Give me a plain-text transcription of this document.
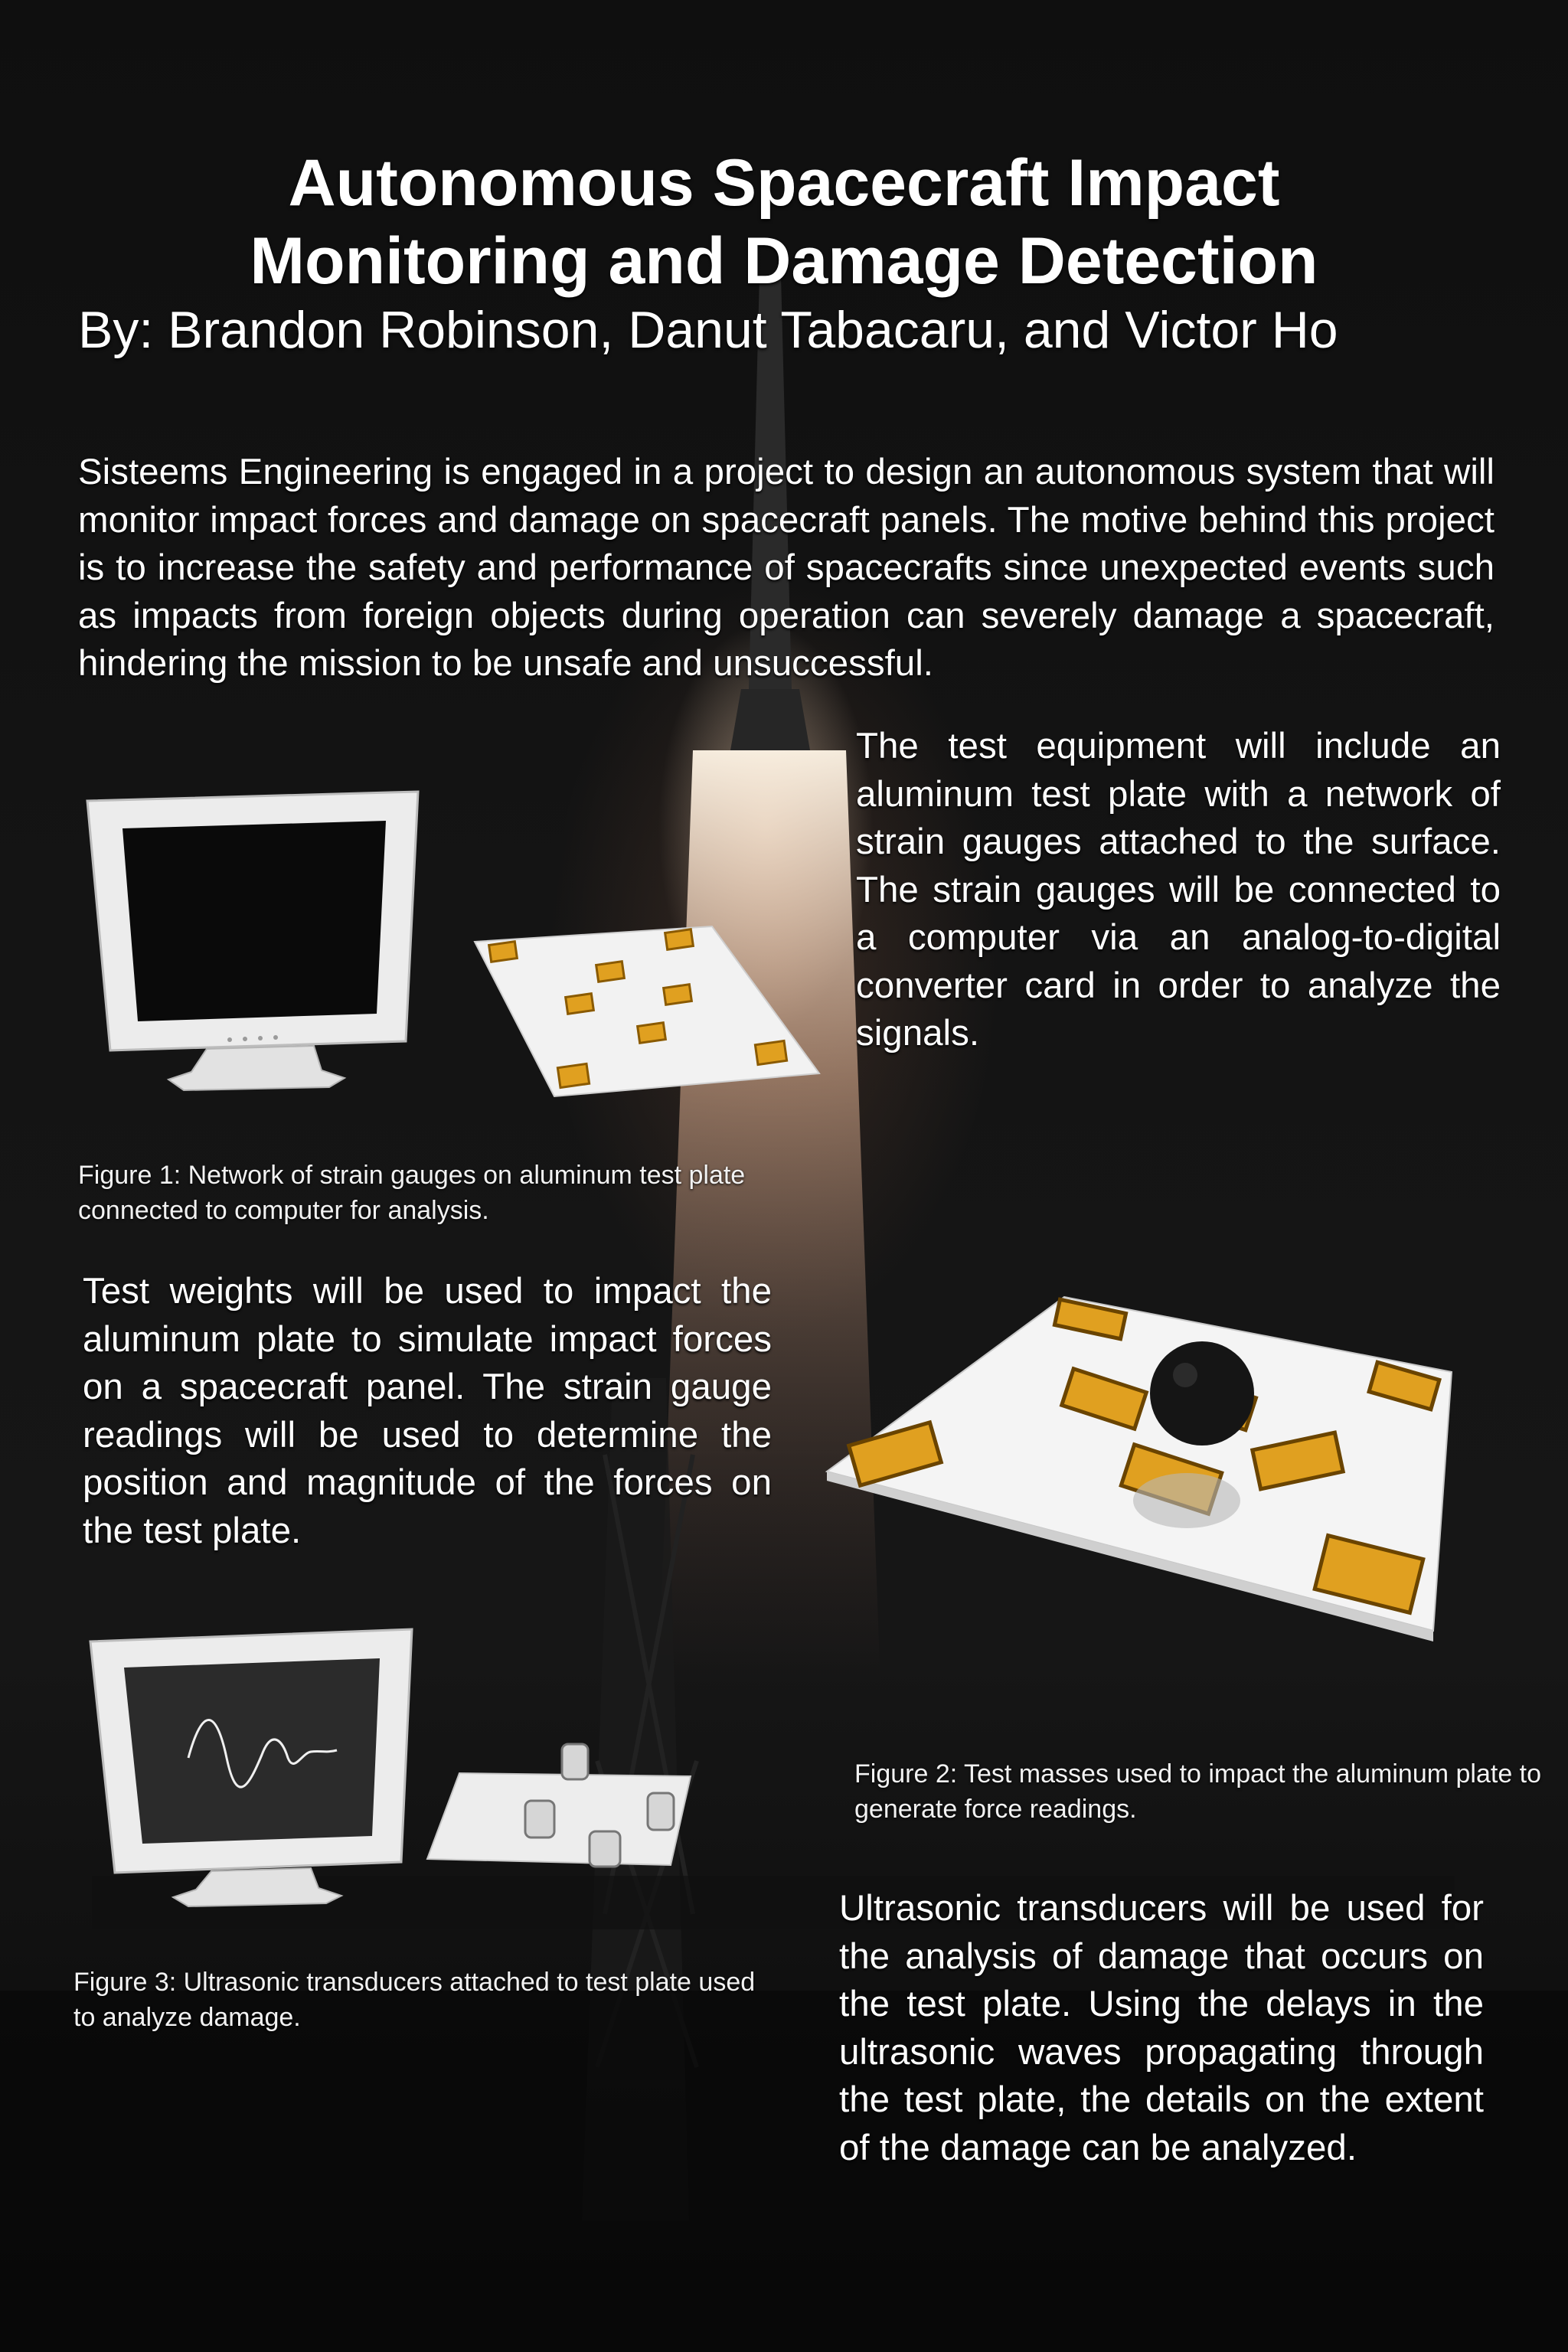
Autonomous Spacecraft Impact
Monitoring and Damage Detection
By: Brandon Robinson, Danut Tabacaru, and Victor Ho
Sisteems Engineering is engaged in a project to design an autonomous system that will monitor impact forces and damage on spacecraft panels. The motive behind this project is to increase the safety and performance of spacecrafts since unexpected events such as impacts from foreign objects during operation can severely damage a spacecraft, hindering the mission to be unsafe and unsuccessful.
The test equipment will include an aluminum test plate with a network of strain gauges attached to the surface. The strain gauges will be connected to a computer via an analog-to-digital converter card in order to analyze the signals.
Test weights will be used to impact the aluminum plate to simulate impact forces on a spacecraft panel. The strain gauge readings will be used to determine the position and magnitude of the forces on the test plate.
Ultrasonic transducers will be used for the analysis of damage that occurs on the test plate. Using the delays in the ultrasonic waves propagating through the test plate, the details on the extent of the damage can be analyzed.
Figure 1: Network of strain gauges on aluminum test plate connected to computer for analysis.
Figure 2: Test masses used to impact the aluminum plate to generate force readings.
Figure 3: Ultrasonic transducers attached to test plate used to analyze damage.
